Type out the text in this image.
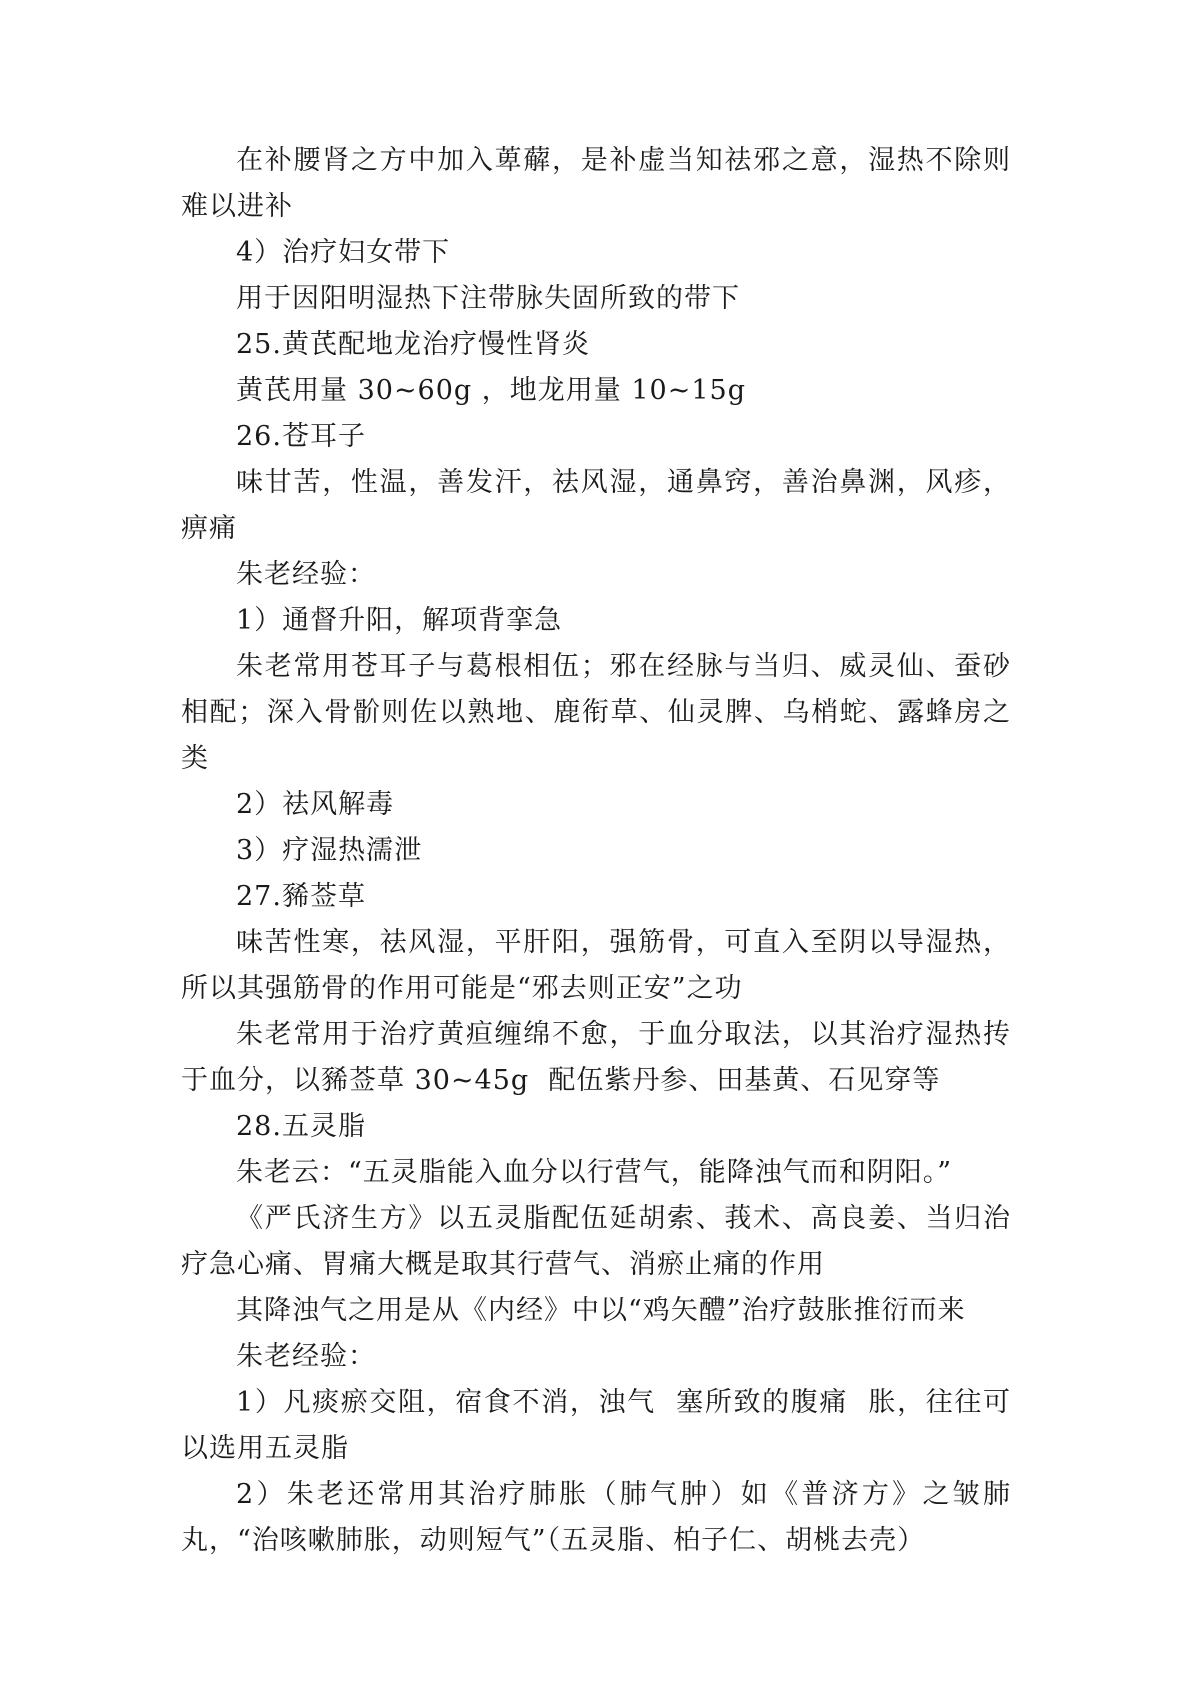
在补腰肾之方中加入萆薢，是补虚当知祛邪之意，湿热不除则难以进补

4）治疗妇女带下

用于因阳明湿热下注带脉失固所致的带下

25.黄芪配地龙治疗慢性肾炎

黄芪用量 30~60g ，地龙用量 10~15g

26.苍耳子

味甘苦，性温，善发汗，祛风湿，通鼻窍，善治鼻渊，风疹，痹痛

朱老经验：

1）通督升阳，解项背挛急

朱老常用苍耳子与葛根相伍；邪在经脉与当归、威灵仙、蚕砂相配；深入骨骱则佐以熟地、鹿衔草、仙灵脾、乌梢蛇、露蜂房之类

2）祛风解毒

3）疗湿热濡泄

27.豨莶草

味苦性寒，祛风湿，平肝阳，强筋骨，可直入至阴以导湿热，所以其强筋骨的作用可能是“邪去则正安”之功

朱老常用于治疗黄疸缠绵不愈，于血分取法，以其治疗湿热抟于血分，以豨莶草 30~45g  配伍紫丹参、田基黄、石见穿等

28.五灵脂

朱老云：“五灵脂能入血分以行营气，能降浊气而和阴阳。”

《严氏济生方》以五灵脂配伍延胡索、莪术、高良姜、当归治疗急心痛、胃痛大概是取其行营气、消瘀止痛的作用

其降浊气之用是从《内经》中以“鸡矢醴”治疗鼓胀推衍而来

朱老经验：

1）凡痰瘀交阻，宿食不消，浊气  塞所致的腹痛  胀，往往可以选用五灵脂

2）朱老还常用其治疗肺胀（肺气肿）如《普济方》之皱肺丸，“治咳嗽肺胀，动则短气”（五灵脂、柏子仁、胡桃去壳）
